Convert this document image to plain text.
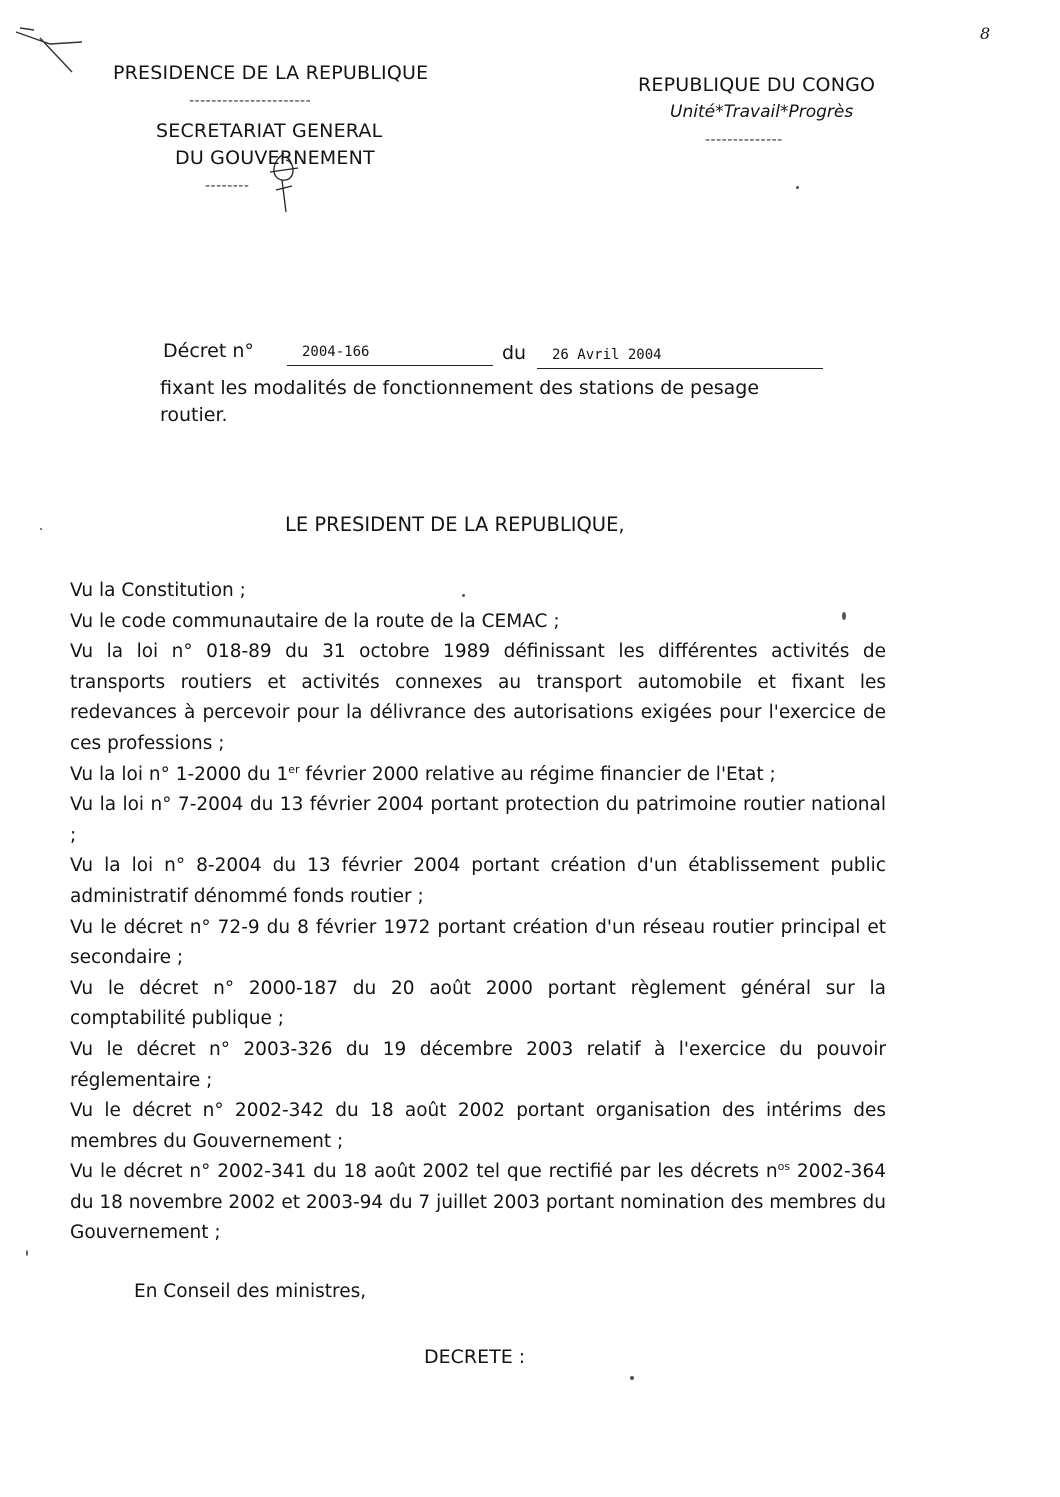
8
PRESIDENCE DE LA REPUBLIQUE
----------------------
SECRETARIAT GENERAL
DU GOUVERNEMENT
--------
REPUBLIQUE DU CONGO
Unité*Travail*Progrès
--------------
Décret n°	2004-166	du 26 Avril 2004
fixant les modalités de fonctionnement des stations de pesage
routier.
LE PRESIDENT DE LA REPUBLIQUE,

Vu la Constitution ;

Vu le code communautaire de la route de la CEMAC ;

Vu la loi n° 018-89 du 31 octobre 1989 définissant les différentes activités de transports routiers et activités connexes au transport automobile et fixant les redevances à percevoir pour la délivrance des autorisations exigées pour l'exercice de ces professions ;

Vu la loi n° 1-2000 du 1er février 2000 relative au régime financier de l'Etat ;

Vu la loi n° 7-2004 du 13 février 2004 portant protection du patrimoine routier national ;

Vu la loi n° 8-2004 du 13 février 2004 portant création d'un établissement public administratif dénommé fonds routier ;

Vu le décret n° 72-9 du 8 février 1972 portant création d'un réseau routier principal et secondaire ;

Vu le décret n° 2000-187 du 20 août 2000 portant règlement général sur la comptabilité publique ;

Vu le décret n° 2003-326 du 19 décembre 2003 relatif à l'exercice du pouvoir réglementaire ;

Vu le décret n° 2002-342 du 18 août 2002 portant organisation des intérims des membres du Gouvernement ;

Vu le décret n° 2002-341 du 18 août 2002 tel que rectifié par les décrets $n^{os}$ 2002-364 du 18 novembre 2002 et 2003-94 du 7 juillet 2003 portant nomination des membres du Gouvernement ;

En Conseil des ministres,
DECRETE :
